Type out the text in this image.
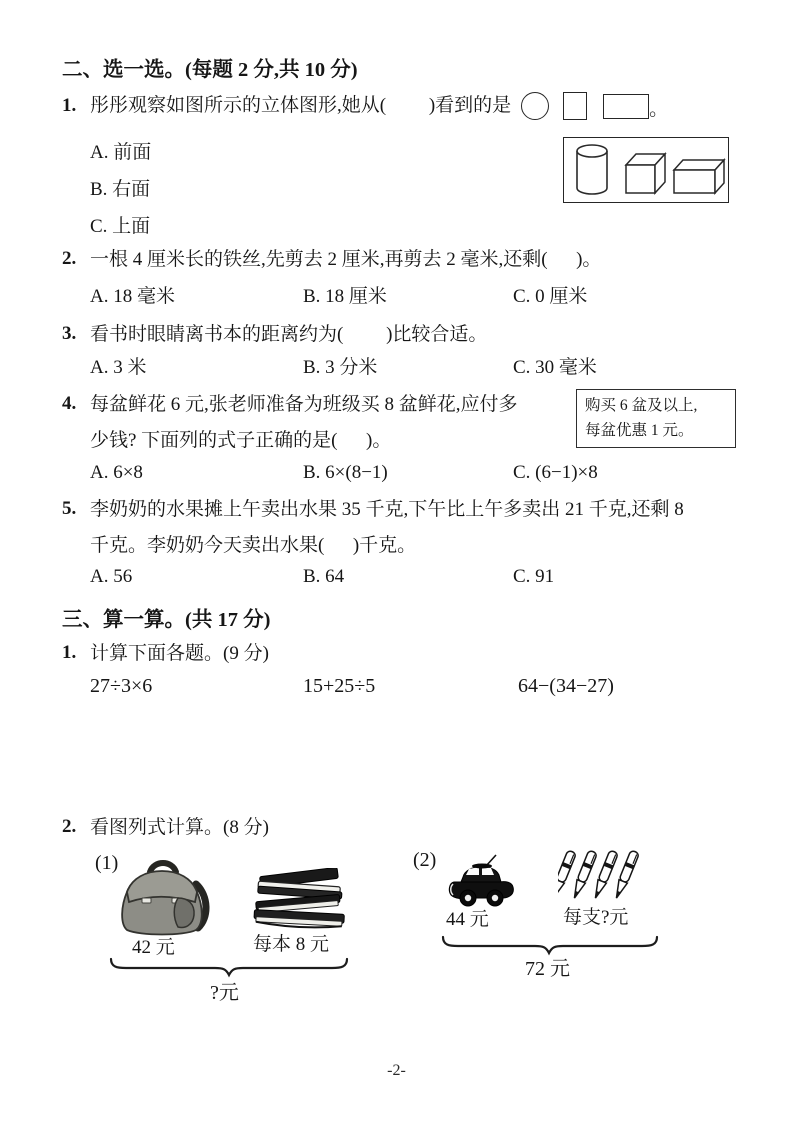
二、选一选。(每题 2 分,共 10 分)
1. 彤彤观察如图所示的立体图形,她从(         )看到的是	。
A. 前面
B. 右面
C. 上面
2. 一根 4 厘米长的铁丝,先剪去 2 厘米,再剪去 2 毫米,还剩(      )。
A. 18 毫米	B. 18 厘米	C. 0 厘米
3. 看书时眼睛离书本的距离约为(         )比较合适。
A. 3 米	B. 3 分米	C. 30 毫米
4. 每盆鲜花 6 元,张老师准备为班级买 8 盆鲜花,应付多
少钱? 下面列的式子正确的是(      )。
购买 6 盆及以上,
每盆优惠 1 元。
A. 6×8	B. 6×(8−1)	C. (6−1)×8
5. 李奶奶的水果摊上午卖出水果 35 千克,下午比上午多卖出 21 千克,还剩 8
千克。李奶奶今天卖出水果(      )千克。
A. 56	B. 64	C. 91
三、算一算。(共 17 分)
1. 计算下面各题。(9 分)
27÷3×6	15+25÷5	64−(34−27)
2. 看图列式计算。(8 分)
(1)
42 元	每本 8 元
?元
(2)
44 元	每支?元
72 元
-2-
